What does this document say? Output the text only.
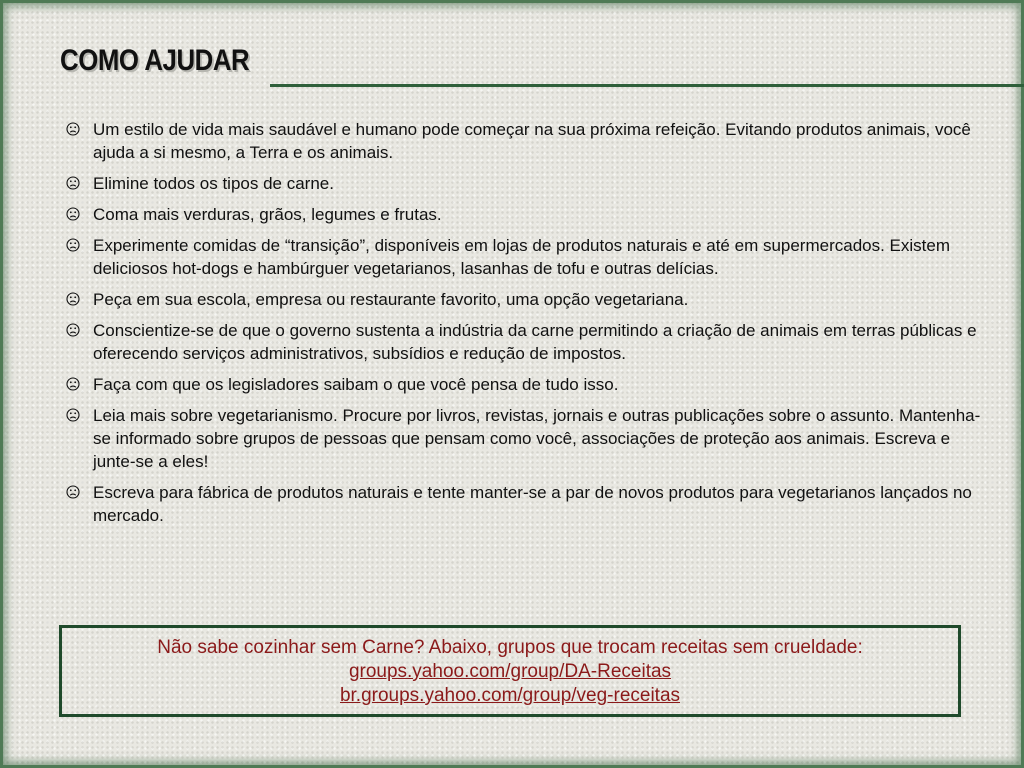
COMO AJUDAR
Um estilo de vida mais saudável e humano pode começar na sua próxima refeição. Evitando produtos animais, você ajuda a si mesmo, a Terra e os animais.
Elimine todos os tipos de carne.
Coma mais verduras, grãos, legumes e frutas.
Experimente comidas de “transição”, disponíveis em lojas de produtos naturais e até em supermercados. Existem deliciosos hot-dogs e hambúrguer vegetarianos, lasanhas de tofu e outras delícias.
Peça em sua escola, empresa ou restaurante favorito, uma opção vegetariana.
Conscientize-se de que o governo sustenta a indústria da carne permitindo a criação de animais em terras públicas e oferecendo serviços administrativos, subsídios e redução de impostos.
Faça com que os legisladores saibam o que você pensa de tudo isso.
Leia mais sobre vegetarianismo. Procure por livros, revistas, jornais e outras publicações sobre o assunto. Mantenha-se informado sobre grupos de pessoas que pensam como você, associações de proteção aos animais. Escreva e junte-se a eles!
Escreva para fábrica de produtos naturais e tente manter-se a par de novos produtos para vegetarianos lançados no mercado.
Não sabe cozinhar sem Carne? Abaixo, grupos que trocam receitas sem crueldade:
groups.yahoo.com/group/DA-Receitas
br.groups.yahoo.com/group/veg-receitas
